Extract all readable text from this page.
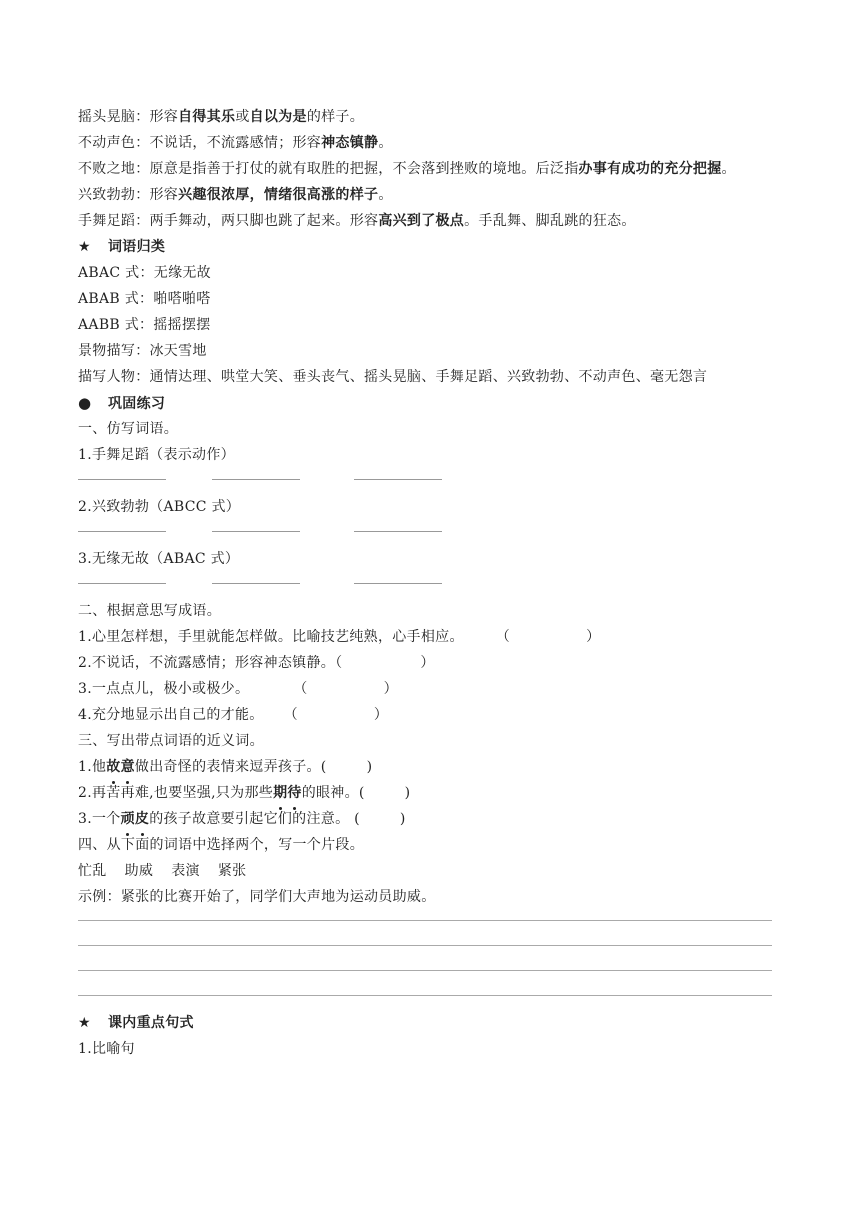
摇头晃脑：形容自得其乐或自以为是的样子。
不动声色：不说话，不流露感情；形容神态镇静。
不败之地：原意是指善于打仗的就有取胜的把握，不会落到挫败的境地。后泛指办事有成功的充分把握。
兴致勃勃：形容兴趣很浓厚，情绪很高涨的样子。
手舞足蹈：两手舞动，两只脚也跳了起来。形容高兴到了极点。手乱舞、脚乱跳的狂态。
★ 词语归类
ABAC 式：无缘无故
ABAB 式：啪嗒啪嗒
AABB 式：摇摇摆摆
景物描写：冰天雪地
描写人物：通情达理、哄堂大笑、垂头丧气、摇头晃脑、手舞足蹈、兴致勃勃、不动声色、毫无怨言
● 巩固练习
一、仿写词语。
1.手舞足蹈（表示动作）
2.兴致勃勃（ABCC 式）
3.无缘无故（ABAC 式）
二、根据意思写成语。
1.心里怎样想，手里就能怎样做。比喻技艺纯熟，心手相应。 （	）
2.不说话，不流露感情；形容神态镇静。（	）
3.一点点儿，极小或极少。	（	）
4.充分地显示出自己的才能。 （	）
三、写出带点词语的近义词。
1.他故意做出奇怪的表情来逗弄孩子。(	)
2.再苦再难,也要坚强,只为那些期待的眼神。(	)
3.一个顽皮的孩子故意要引起它们的注意。 (	)
四、从下面的词语中选择两个，写一个片段。
忙乱 助威 表演 紧张
示例：紧张的比赛开始了，同学们大声地为运动员助威。
★ 课内重点句式
1.比喻句
